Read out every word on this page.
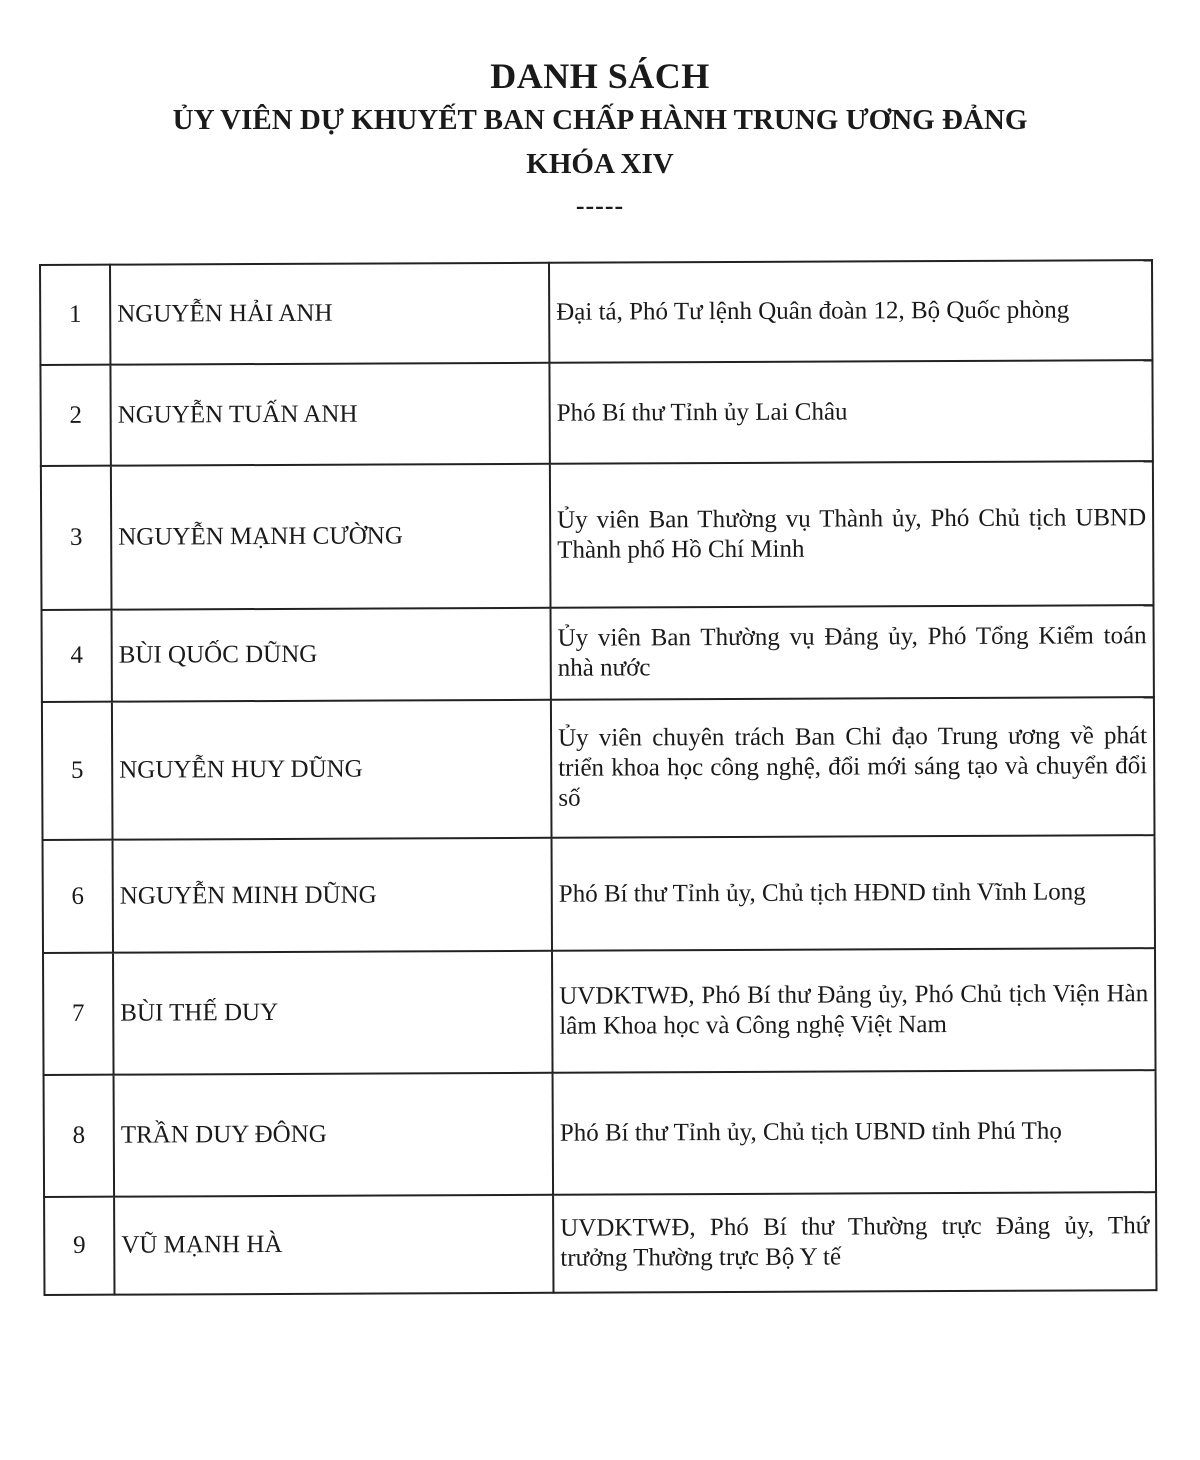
DANH SÁCH
ỦY VIÊN DỰ KHUYẾT BAN CHẤP HÀNH TRUNG ƯƠNG ĐẢNG
KHÓA XIV
-----
1	NGUYỄN HẢI ANH	Đại tá, Phó Tư lệnh Quân đoàn 12, Bộ Quốc phòng
2	NGUYỄN TUẤN ANH	Phó Bí thư Tỉnh ủy Lai Châu
3	NGUYỄN MẠNH CƯỜNG	Ủy viên Ban Thường vụ Thành ủy, Phó Chủ tịch UBND Thành phố Hồ Chí Minh
4	BÙI QUỐC DŨNG	Ủy viên Ban Thường vụ Đảng ủy, Phó Tổng Kiểm toán nhà nước
5	NGUYỄN HUY DŨNG	Ủy viên chuyên trách Ban Chỉ đạo Trung ương về phát triển khoa học công nghệ, đổi mới sáng tạo và chuyển đổi số
6	NGUYỄN MINH DŨNG	Phó Bí thư Tỉnh ủy, Chủ tịch HĐND tỉnh Vĩnh Long
7	BÙI THẾ DUY	UVDKTWĐ, Phó Bí thư Đảng ủy, Phó Chủ tịch Viện Hàn lâm Khoa học và Công nghệ Việt Nam
8	TRẦN DUY ĐÔNG	Phó Bí thư Tỉnh ủy, Chủ tịch UBND tỉnh Phú Thọ
9	VŨ MẠNH HÀ	UVDKTWĐ, Phó Bí thư Thường trực Đảng ủy, Thứ trưởng Thường trực Bộ Y tế
